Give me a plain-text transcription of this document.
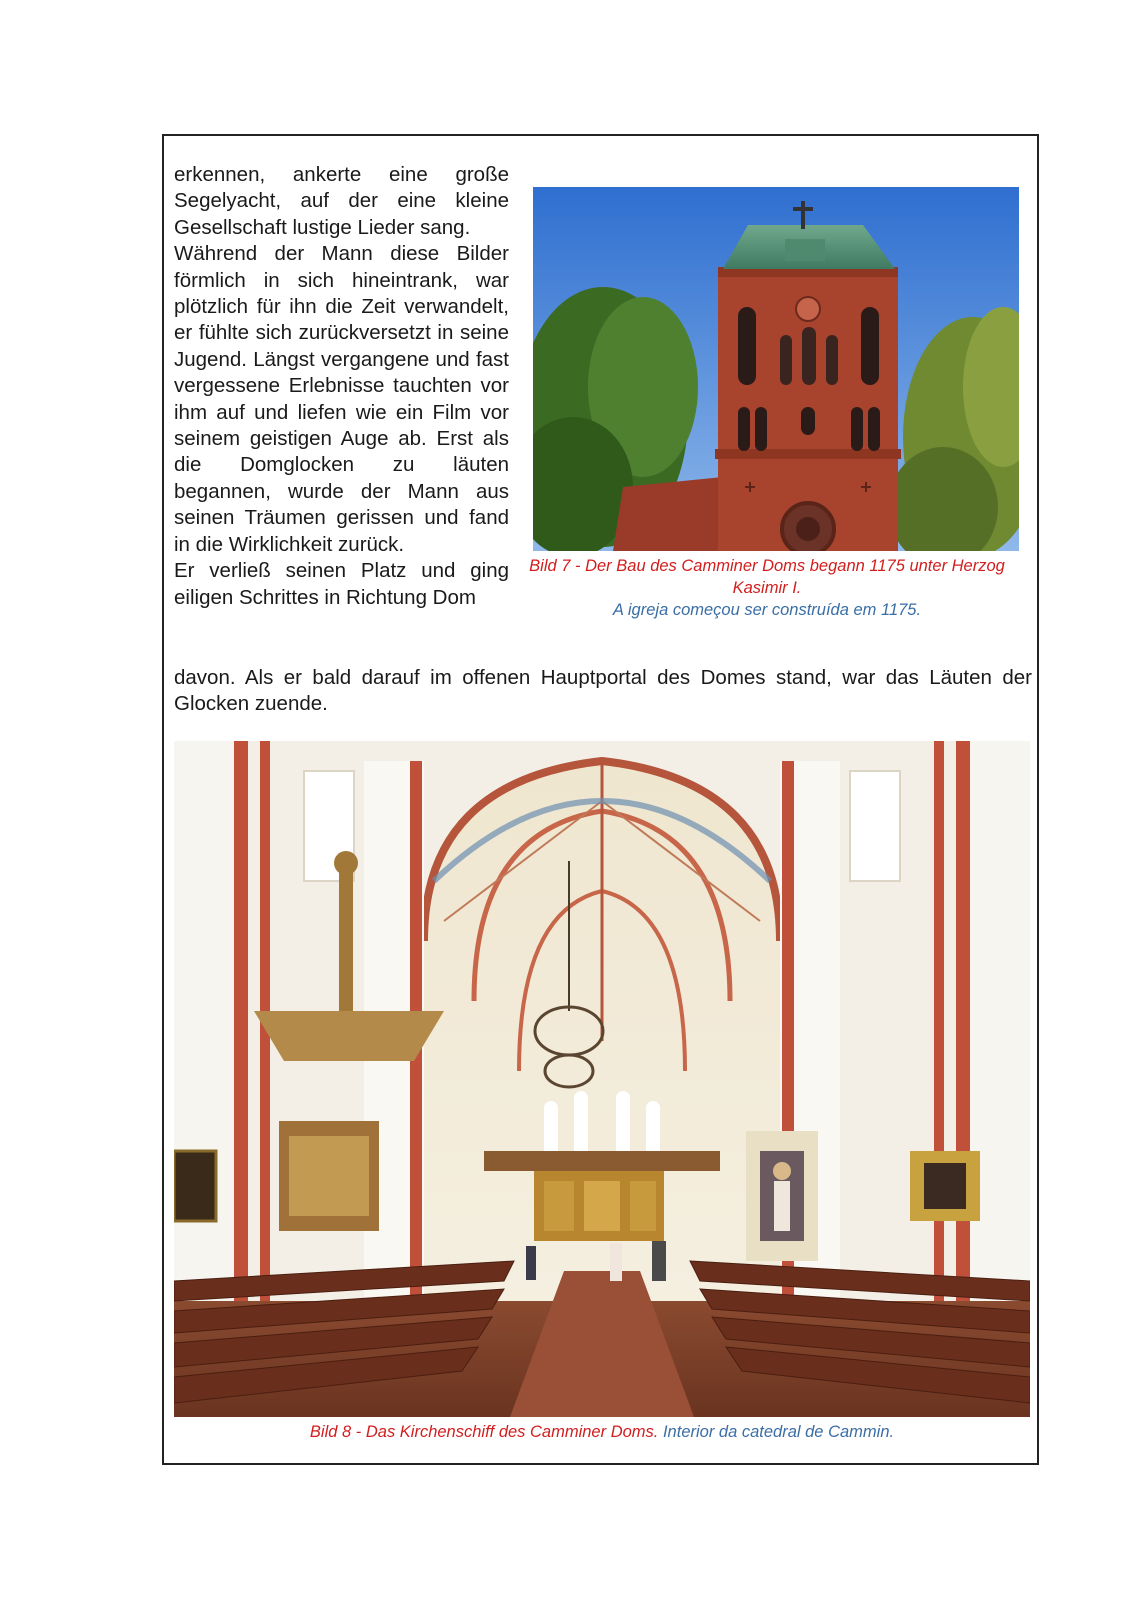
erkennen, ankerte eine große Segelyacht, auf der eine kleine Gesellschaft lustige Lieder sang.

Während der Mann diese Bilder förmlich in sich hineintrank, war plötzlich für ihn die Zeit verwandelt, er fühlte sich zurückversetzt in seine Jugend. Längst vergangene und fast vergessene Erlebnisse tauchten vor ihm auf und liefen wie ein Film vor seinem geistigen Auge ab. Erst als die Domglocken zu läuten begannen, wurde der Mann aus seinen Träumen gerissen und fand in die Wirklichkeit zurück.

Er verließ seinen Platz und ging eiligen Schrittes in Richtung Dom

Bild 7 - Der Bau des Camminer Doms begann 1175 unter Herzog Kasimir I.
A igreja começou ser construída em 1175.

davon. Als er bald darauf im offenen Hauptportal des Domes stand, war das Läuten der Glocken zuende.

Bild 8 - Das Kirchenschiff des Camminer Doms. Interior da catedral de Cammin.
